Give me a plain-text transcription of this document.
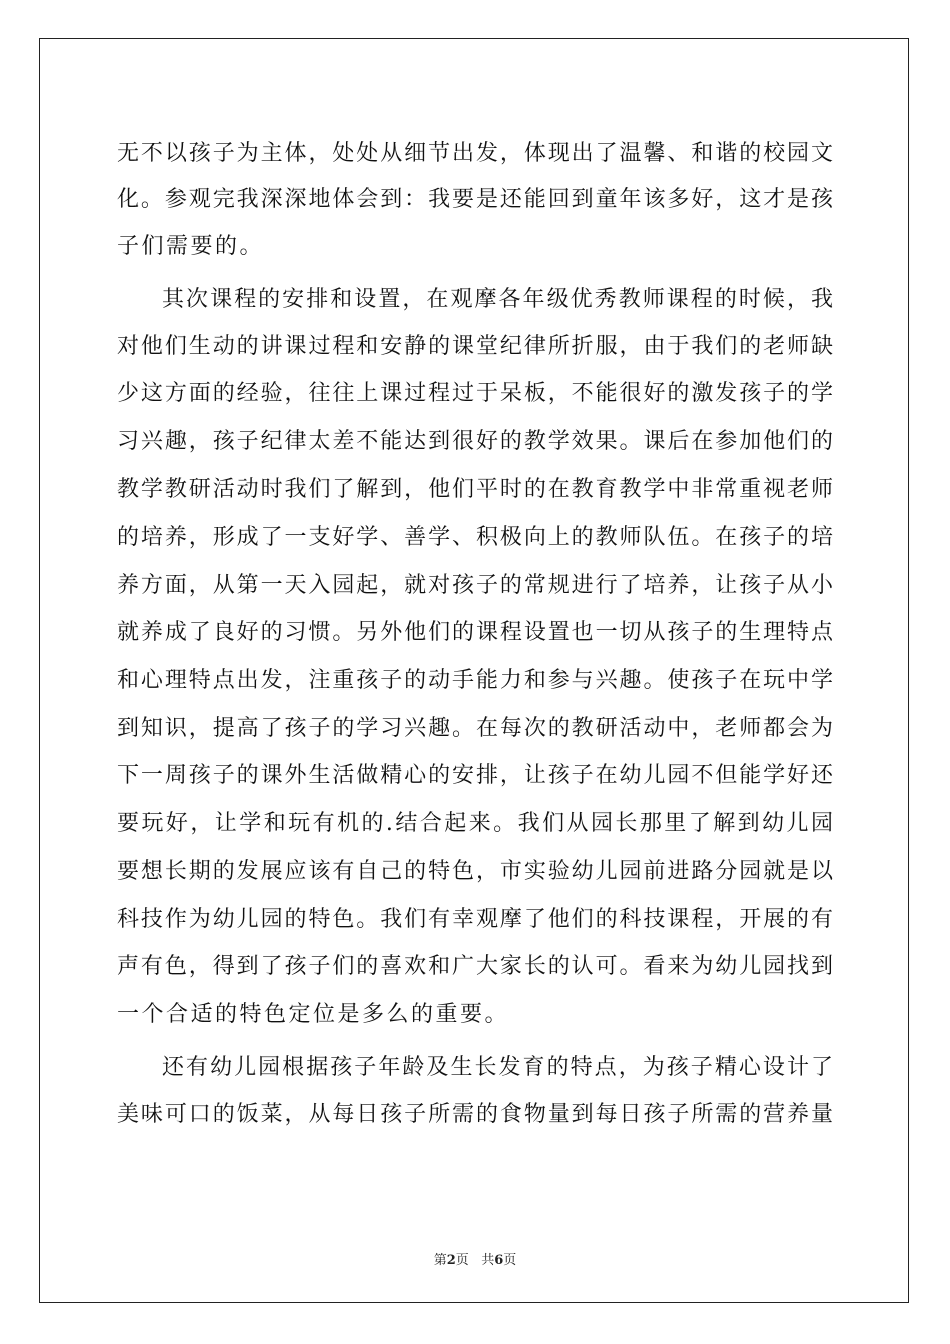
无不以孩子为主体，处处从细节出发，体现出了温馨、和谐的校园文
化。参观完我深深地体会到：我要是还能回到童年该多好，这才是孩
子们需要的。
其次课程的安排和设置，在观摩各年级优秀教师课程的时候，我
对他们生动的讲课过程和安静的课堂纪律所折服，由于我们的老师缺
少这方面的经验，往往上课过程过于呆板，不能很好的激发孩子的学
习兴趣，孩子纪律太差不能达到很好的教学效果。课后在参加他们的
教学教研活动时我们了解到，他们平时的在教育教学中非常重视老师
的培养，形成了一支好学、善学、积极向上的教师队伍。在孩子的培
养方面，从第一天入园起，就对孩子的常规进行了培养，让孩子从小
就养成了良好的习惯。另外他们的课程设置也一切从孩子的生理特点
和心理特点出发，注重孩子的动手能力和参与兴趣。使孩子在玩中学
到知识，提高了孩子的学习兴趣。在每次的教研活动中，老师都会为
下一周孩子的课外生活做精心的安排，让孩子在幼儿园不但能学好还
要玩好，让学和玩有机的.结合起来。我们从园长那里了解到幼儿园
要想长期的发展应该有自己的特色，市实验幼儿园前进路分园就是以
科技作为幼儿园的特色。我们有幸观摩了他们的科技课程，开展的有
声有色，得到了孩子们的喜欢和广大家长的认可。看来为幼儿园找到
一个合适的特色定位是多么的重要。
还有幼儿园根据孩子年龄及生长发育的特点，为孩子精心设计了
美味可口的饭菜，从每日孩子所需的食物量到每日孩子所需的营养量
第2页 共6页
